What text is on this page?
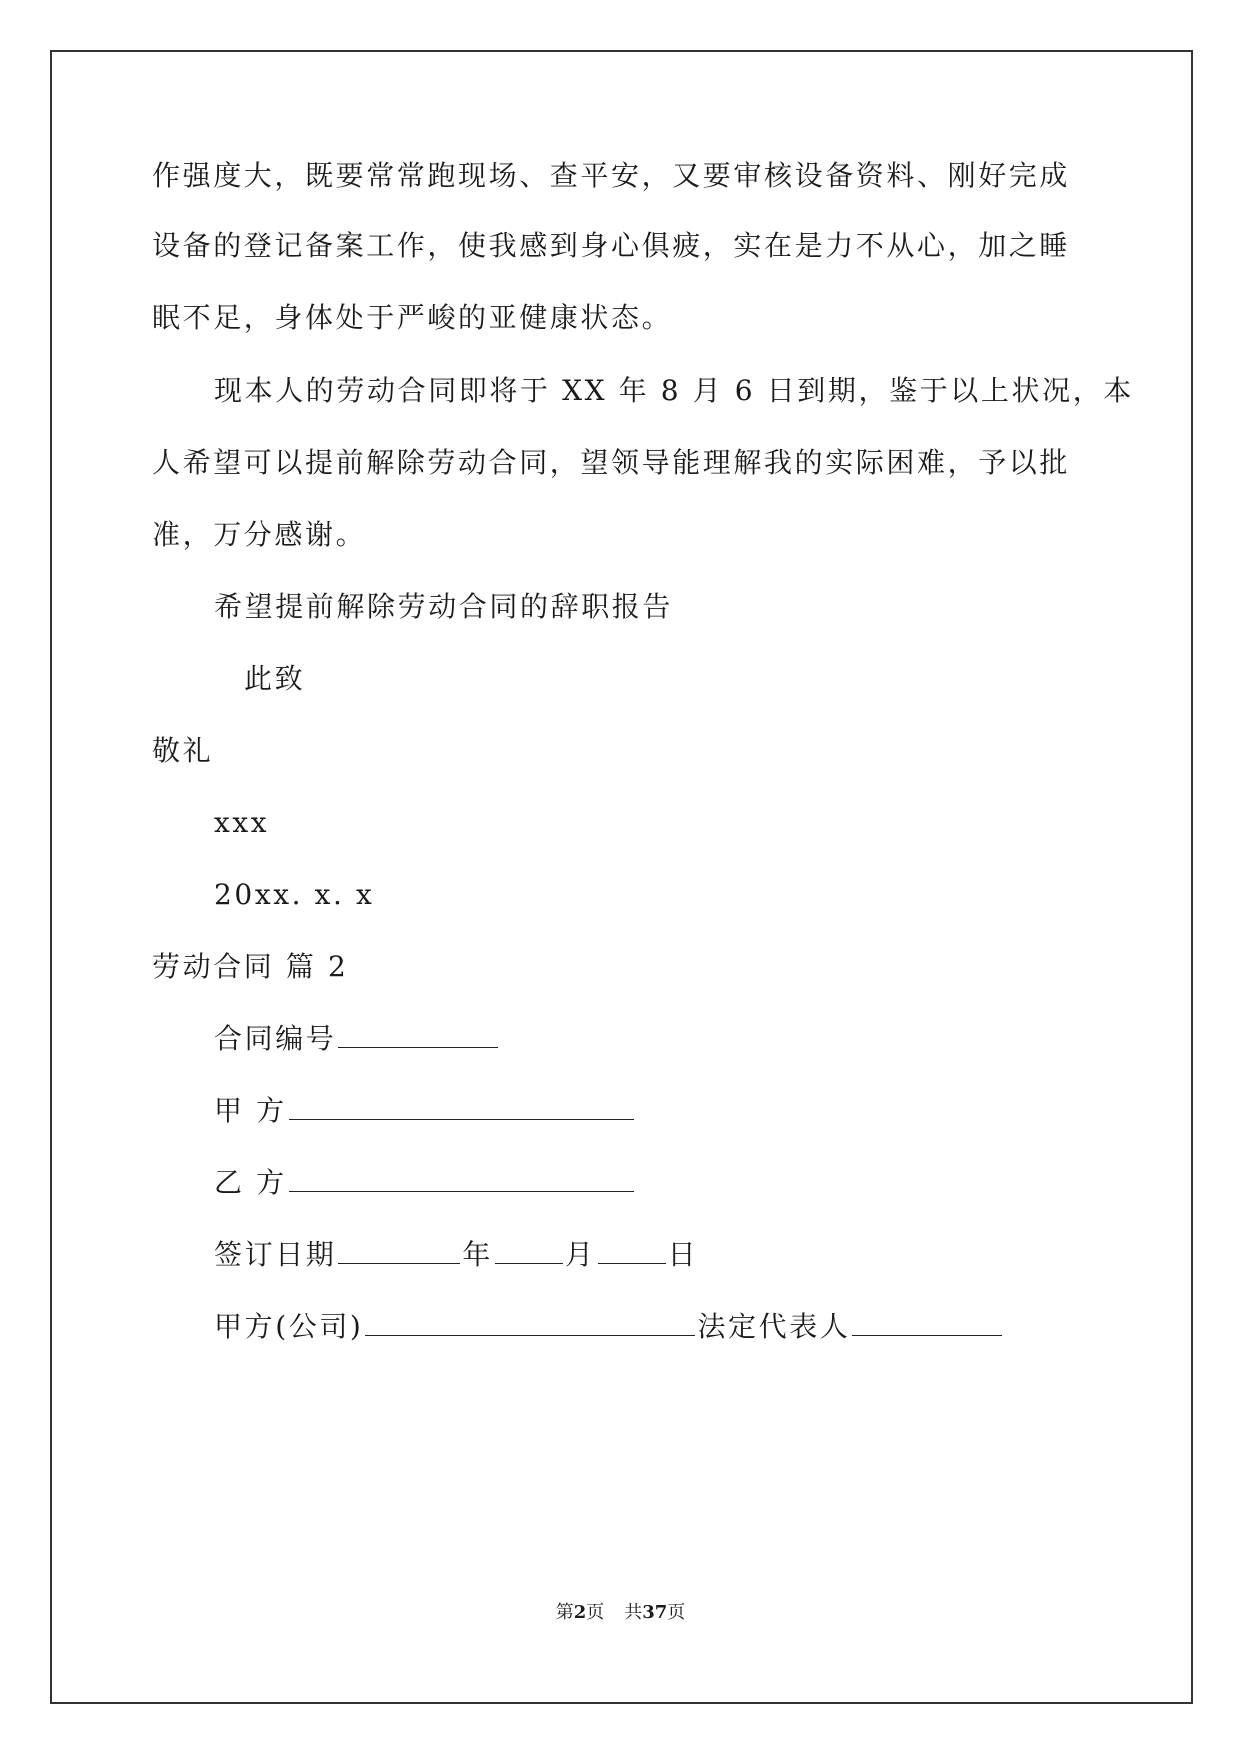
作强度大，既要常常跑现场、查平安，又要审核设备资料、刚好完成
设备的登记备案工作，使我感到身心俱疲，实在是力不从心，加之睡
眠不足，身体处于严峻的亚健康状态。
现本人的劳动合同即将于 XX 年 8 月 6 日到期，鉴于以上状况，本
人希望可以提前解除劳动合同，望领导能理解我的实际困难，予以批
准，万分感谢。
希望提前解除劳动合同的辞职报告
此致
敬礼
xxx
20xx. x. x
劳动合同 篇 2
合同编号
甲 方
乙 方
签订日期	年	月	日
甲方(公司)	法定代表人
第2页 共37页
